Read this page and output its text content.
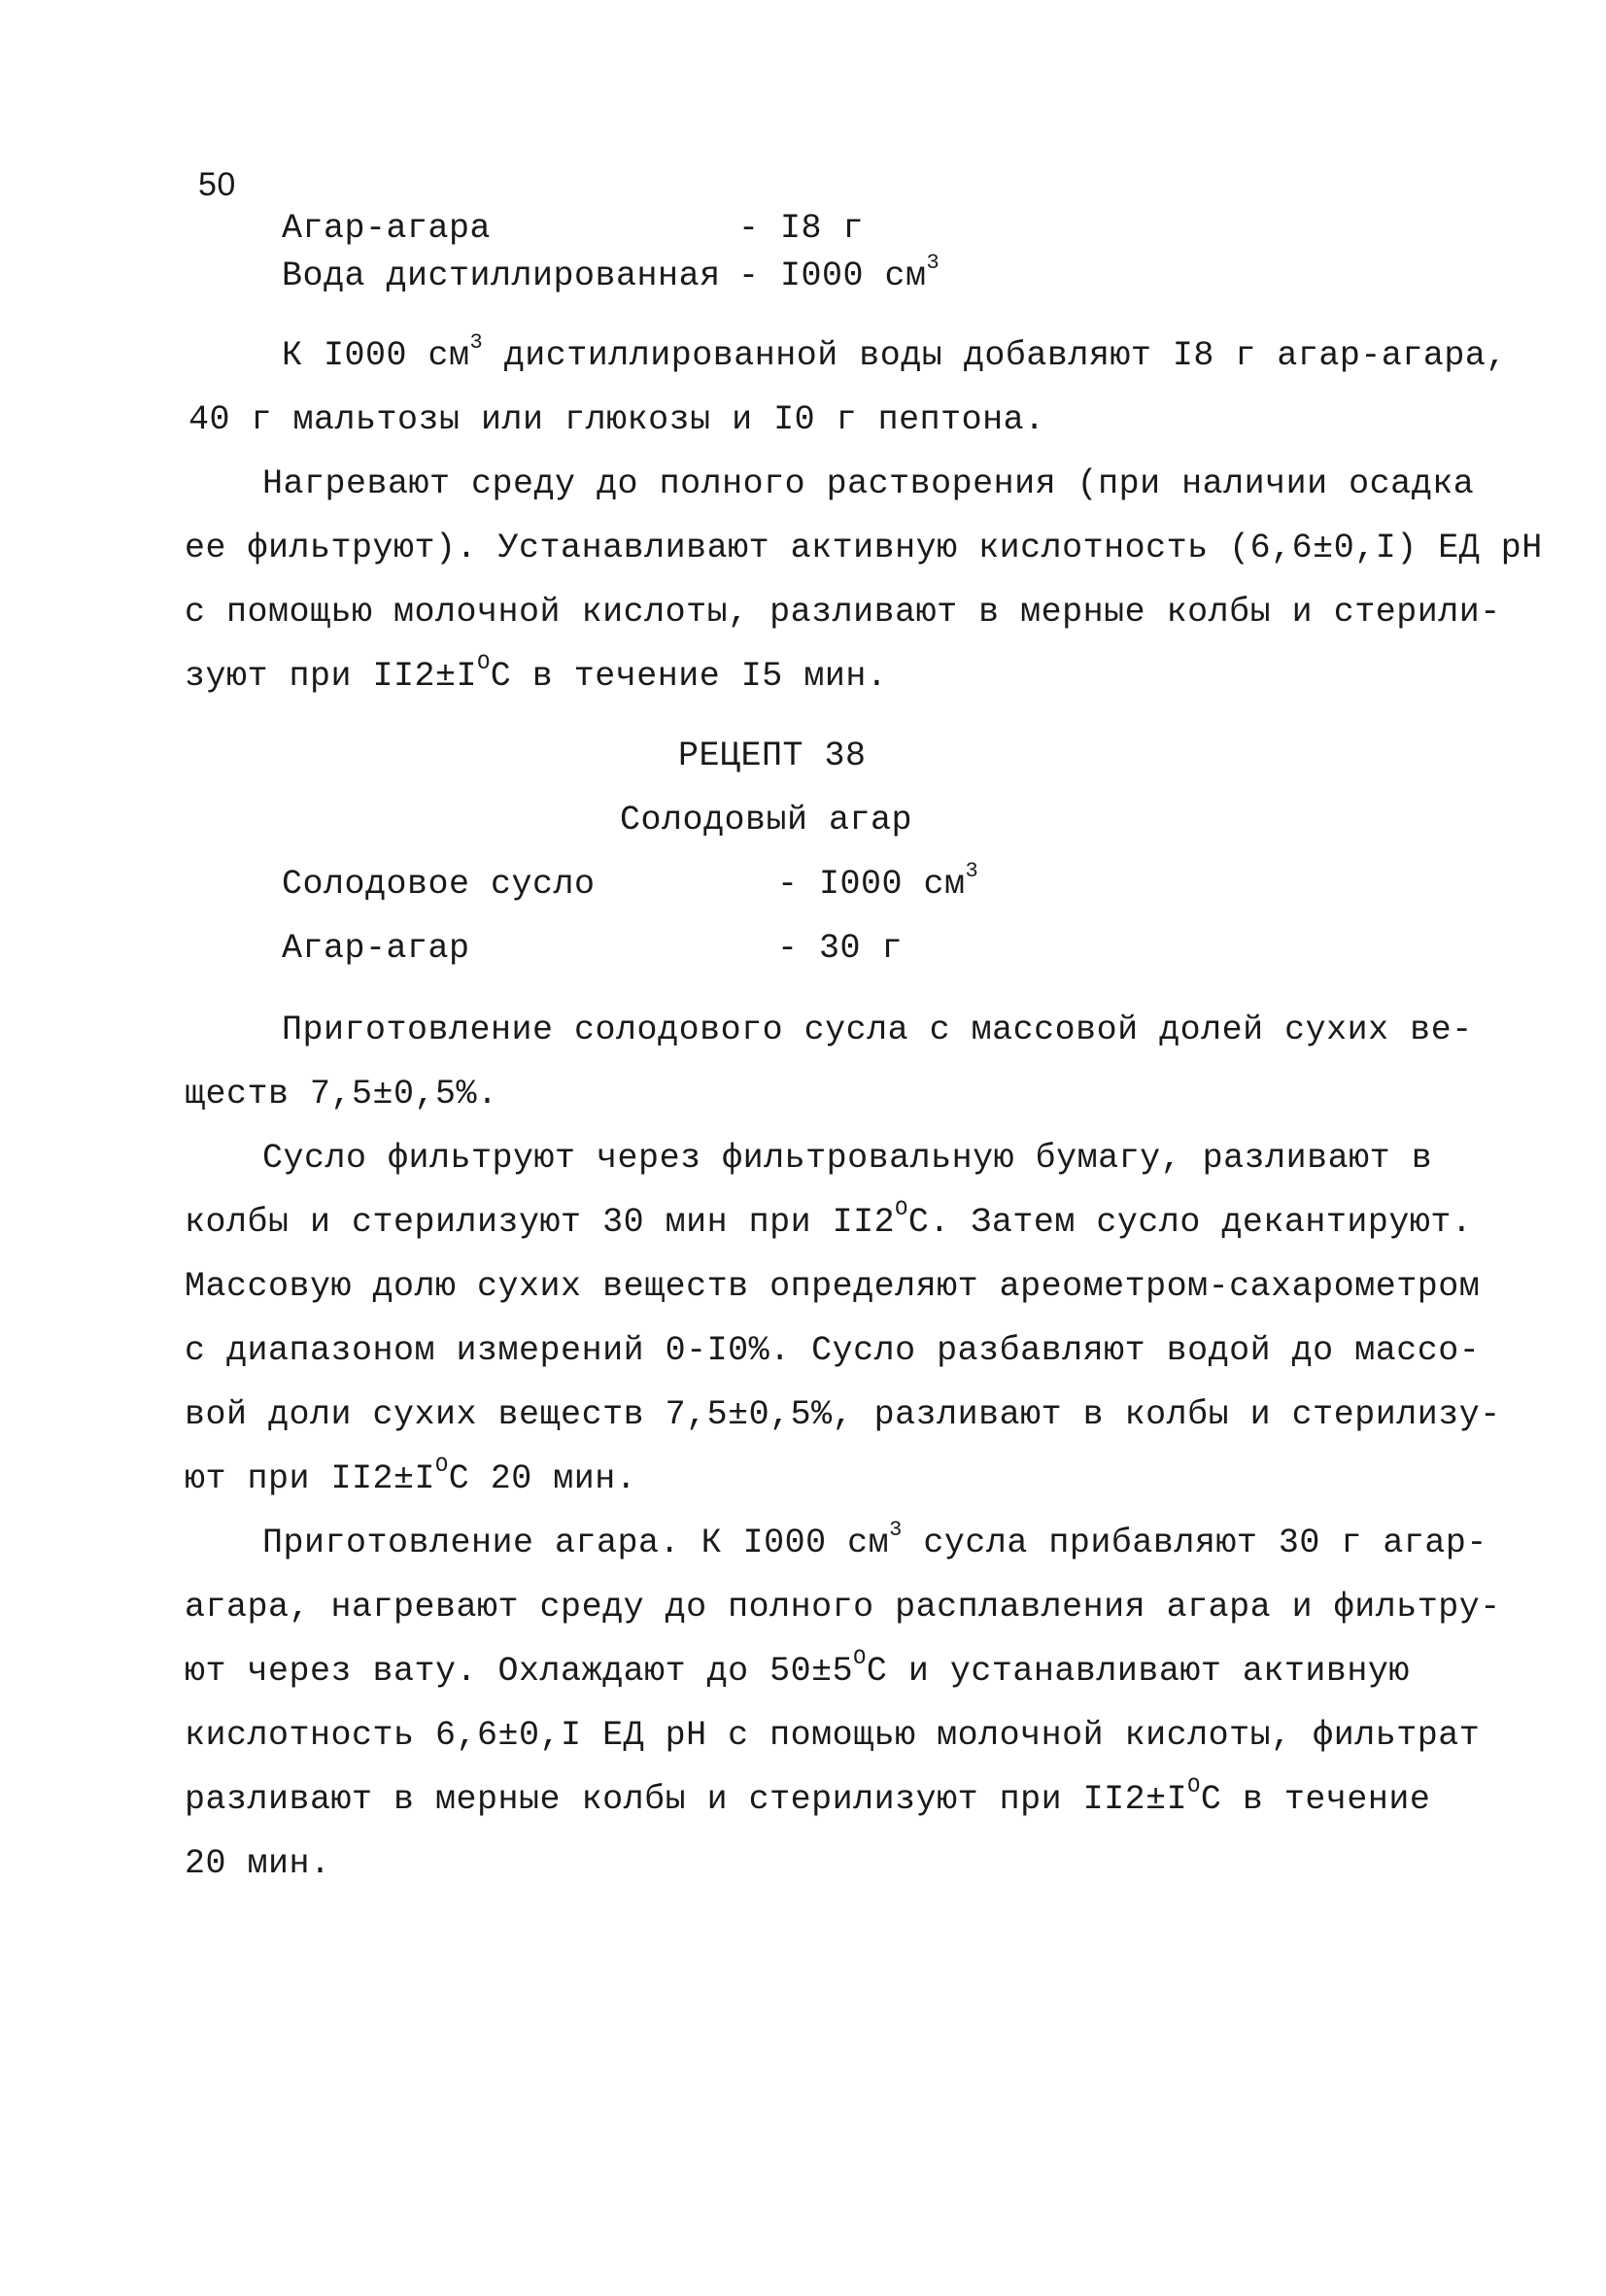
50
Агар-агара	- I8 г
Вода дистиллированная - I000 $см^3$
К I000 $см^3$ дистиллированной воды добавляют I8 г агар-агара,
40 г мальтозы или глюкозы и I0 г пептона.
Нагревают среду до полного растворения (при наличии осадка
ее фильтруют). Устанавливают активную кислотность (6,6±0,I) ЕД рН
с помощью молочной кислоты, разливают в мерные колбы и стерили-
зуют при $II2\pm I^ОС$ в течение I5 мин.
РЕЦЕПТ 38
Солодовый агар
Солодовое сусло	- I000 $см^3$
Агар-агар	- 30 г
Приготовление солодового сусла с массовой долей сухих ве-
ществ 7,5±0,5%.
Сусло фильтруют через фильтровальную бумагу, разливают в
колбы и стерилизуют 30 мин при $II2^ОС$. Затем сусло декантируют.
Массовую долю сухих веществ определяют ареометром-сахарометром
с диапазоном измерений 0-I0%. Сусло разбавляют водой до массо-
вой доли сухих веществ 7,5±0,5%, разливают в колбы и стерилизу-
ют при $II2\pm I^ОС$ 20 мин.
Приготовление агара. К I000 $см^3$ сусла прибавляют 30 г агар-
агара, нагревают среду до полного расплавления агара и фильтру-
ют через вату. Охлаждают до $50\pm 5^ОС$ и устанавливают активную
кислотность 6,6±0,I ЕД рН с помощью молочной кислоты, фильтрат
разливают в мерные колбы и стерилизуют при $II2\pm I^ОС$ в течение
20 мин.
